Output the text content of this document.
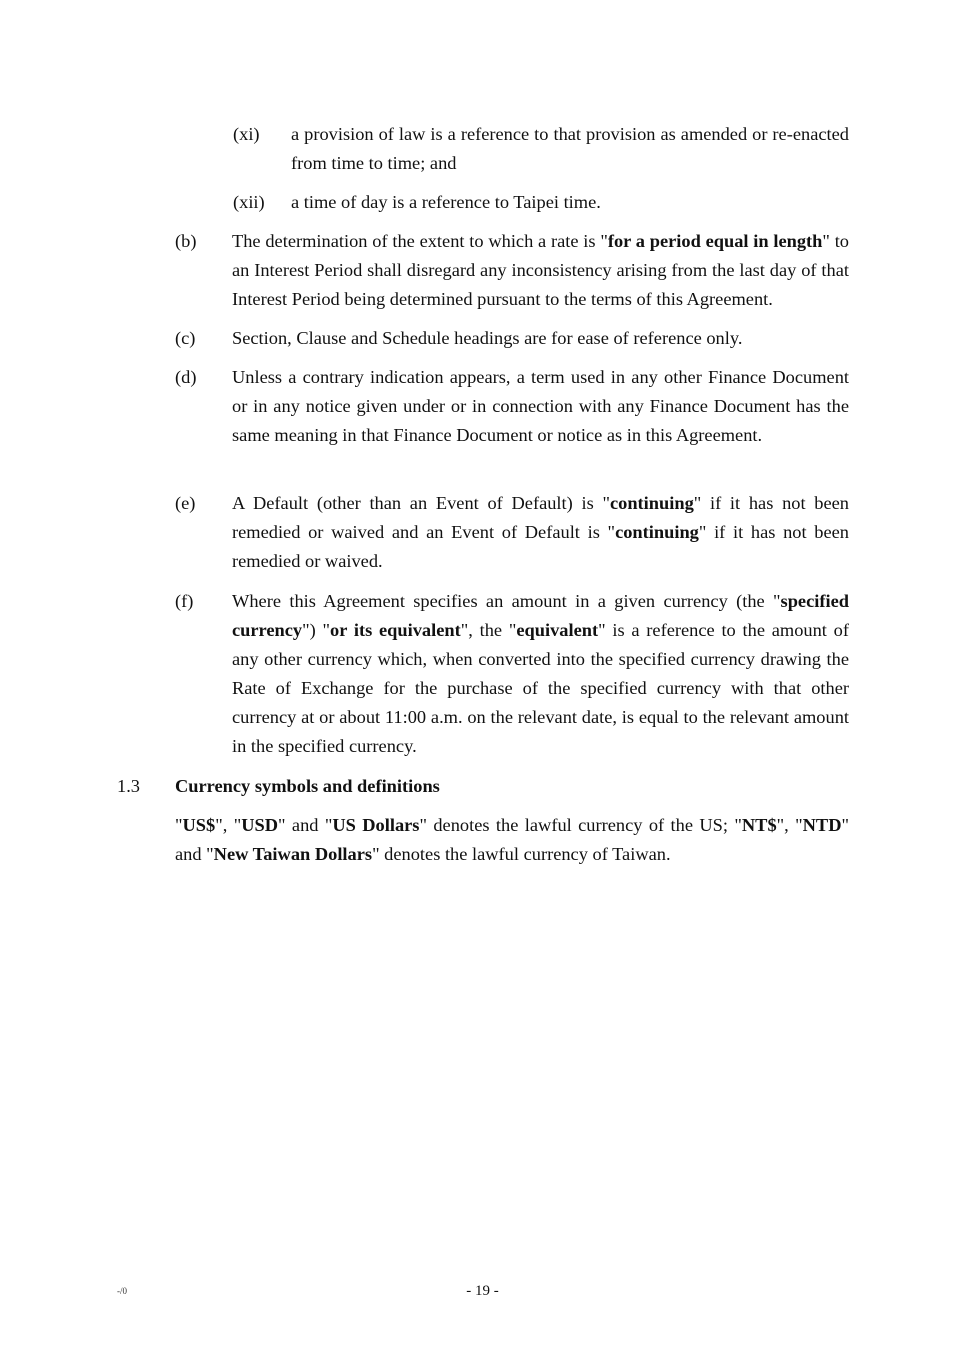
(xi) a provision of law is a reference to that provision as amended or re-enacted from time to time; and
(xii) a time of day is a reference to Taipei time.
(b) The determination of the extent to which a rate is "for a period equal in length" to an Interest Period shall disregard any inconsistency arising from the last day of that Interest Period being determined pursuant to the terms of this Agreement.
(c) Section, Clause and Schedule headings are for ease of reference only.
(d) Unless a contrary indication appears, a term used in any other Finance Document or in any notice given under or in connection with any Finance Document has the same meaning in that Finance Document or notice as in this Agreement.
(e) A Default (other than an Event of Default) is "continuing" if it has not been remedied or waived and an Event of Default is "continuing" if it has not been remedied or waived.
(f) Where this Agreement specifies an amount in a given currency (the "specified currency") "or its equivalent", the "equivalent" is a reference to the amount of any other currency which, when converted into the specified currency drawing the Rate of Exchange for the purchase of the specified currency with that other currency at or about 11:00 a.m. on the relevant date, is equal to the relevant amount in the specified currency.
1.3 Currency symbols and definitions
"US$", "USD" and "US Dollars" denotes the lawful currency of the US; "NT$", "NTD" and "New Taiwan Dollars" denotes the lawful currency of Taiwan.
-/0	- 19 -
